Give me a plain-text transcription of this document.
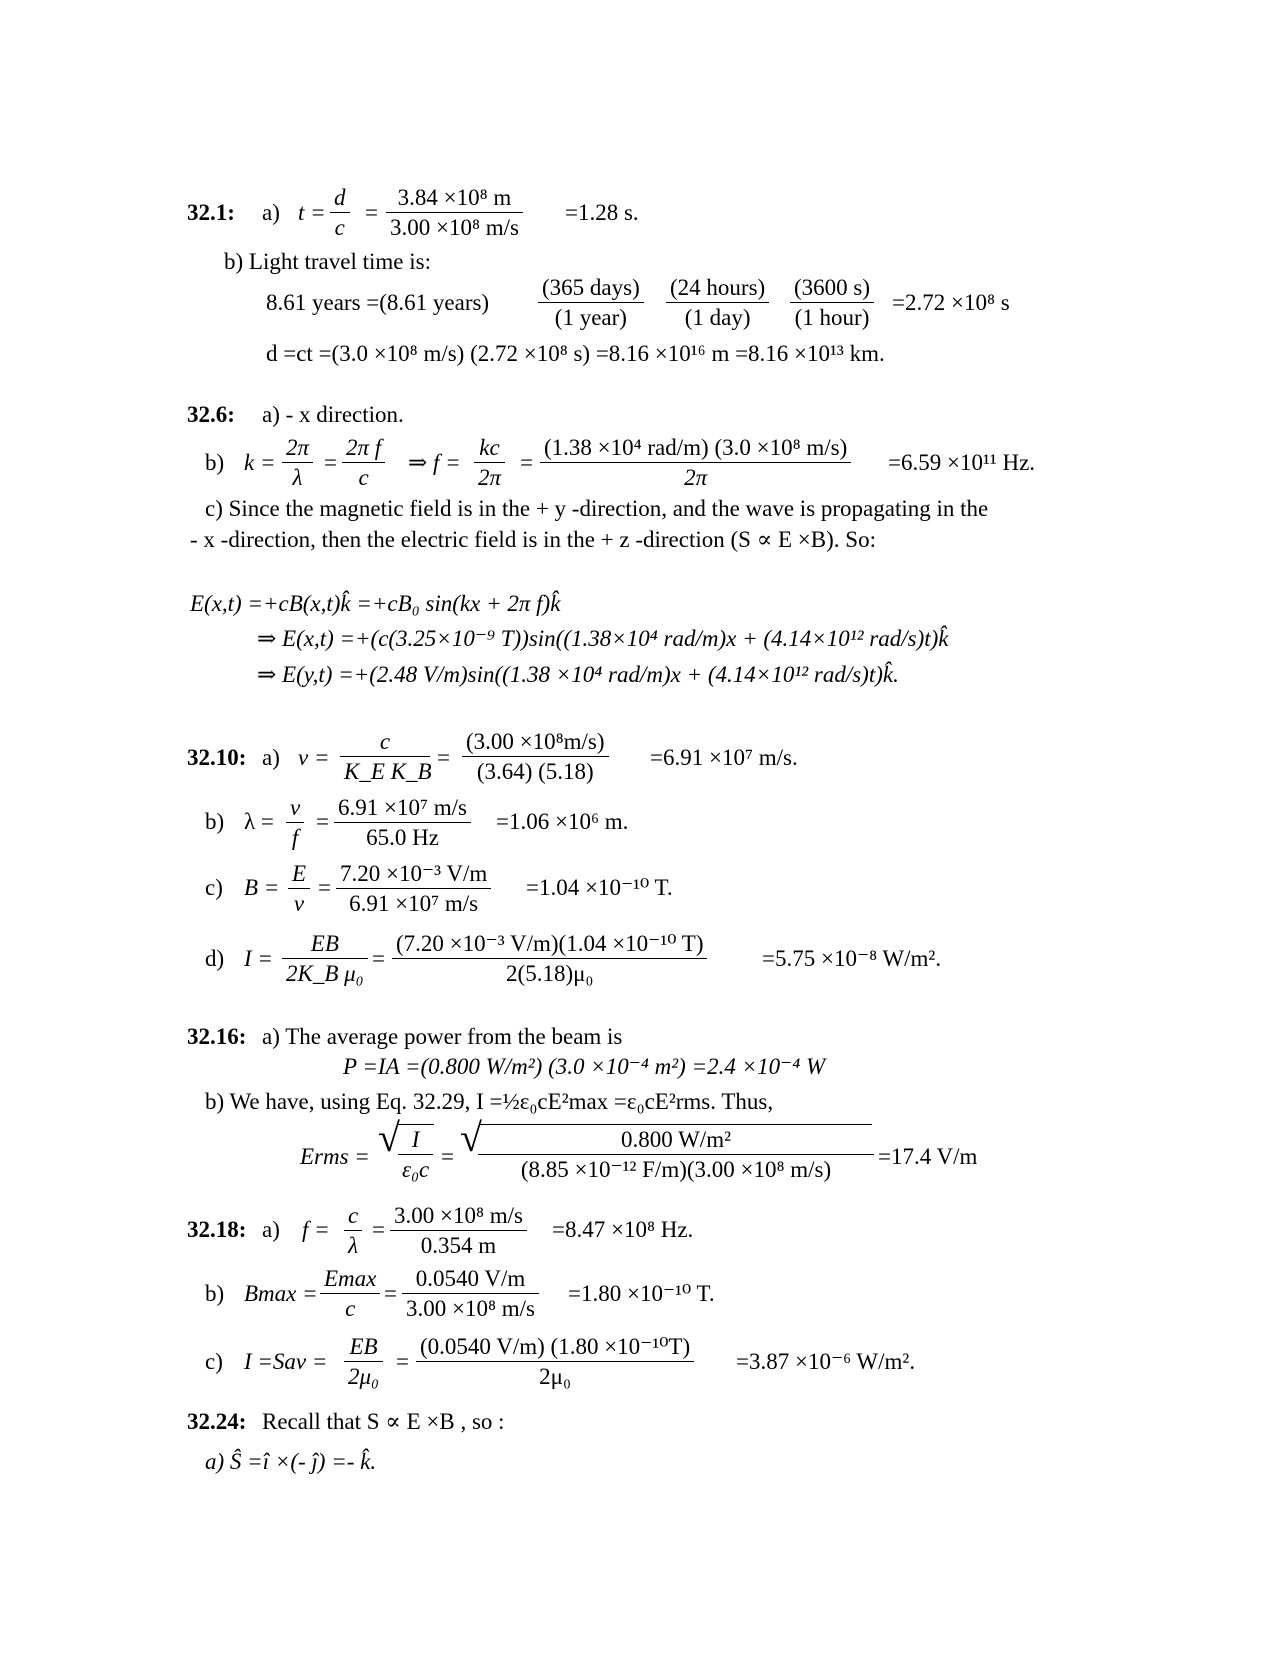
32.1: a) $t = \frac{d}{c} = \frac{\text{3.84 ×10⁸ m}}{\text{3.00 ×10⁸ m/s}} =1.28$ s.
b) Light travel time is:
8.61 years =(8.61 years)
(365 days)
(1 year)
(24 hours)
(1 day)
(3600 s)
(1 hour)
=2.72 ×10⁸ s
d =ct =(3.0 ×10⁸ m/s) (2.72 ×10⁸ s) =8.16 ×10¹⁶ m =8.16 ×10¹³ km.
32.6: a) - x direction.
b) $k = \frac{2\pi}{\lambda} = \frac{\text{2π f}}{c}$ ⇒ $f = \frac{kc}{2\pi}$ =
(1.38 ×10⁴ rad/m) (3.0 ×10⁸ m/s)
2π
=6.59 ×10¹¹ Hz.
c) Since the magnetic field is in the + y -direction, and the wave is propagating in the
- x -direction, then the electric field is in the + z -direction (S ∝ E ×B). So:
E(x,t) =+cB(x,t)k̂ =+cB₀ sin(kx + 2π f)k̂
⇒ E(x,t) =+(c(3.25×10⁻⁹ T))sin((1.38×10⁴ rad/m)x + (4.14×10¹² rad/s)t)k̂
⇒ E(y,t) =+(2.48 V/m)sin((1.38 ×10⁴ rad/m)x + (4.14×10¹² rad/s)t)k̂.
32.10: a) $v = \frac{c}{\text{K\_E K\_B}} = \frac{\text{(3.00 ×10⁸m/s)}}{(3.64) (5.18)} =6.91 \times 10^7$ m/s.
b) $\lambda = \frac{v}{f} = \frac{\text{6.91 ×10⁷ m/s}}{65.0 Hz} =1.06 \times 10^6$ m.
c) $B = \frac{E}{v} = \frac{\text{7.20 ×10⁻³ V/m}}{\text{6.91 ×10⁷ m/s}} =1.04 \times 10^{-10}$ T.
d) $I = \frac{EB}{\text{2K\_B μ₀}} = \frac{\text{(7.20 ×10⁻³ V/m)(1.04 ×10⁻¹⁰ T)}}{\text{2(5.18)μ₀}} =5.75 \times 10^{-8}$ W/m².
32.16: a) The average power from the beam is
P =IA =(0.800 W/m²) (3.0 ×10⁻⁴ m²) =2.4 ×10⁻⁴ W
b) We have, using Eq. 32.29, I =½ε₀cE²max =ε₀cE²rms. Thus,
Erms = √
$\frac{I}{\text{ε₀c}}$ = √
$\frac{\text{0.800 W/m²}}{\text{(8.85 ×10⁻¹² F/m)(3.00 ×10⁸ m/s)}} =17.4$ V/m
32.18: a) $f = \frac{c}{\lambda} = \frac{\text{3.00 ×10⁸ m/s}}{0.354 m} =8.47 \times 10^8$ Hz.
b) Bmax =
Emax
c
= $\frac{0.0540 V/m}{\text{3.00 ×10⁸ m/s}} =1.80 \times 10^{-10}$ T.
c) $I =Sav = \frac{EB}{\text{2μ₀}} = \frac{\text{(0.0540 V/m) (1.80 ×10⁻¹⁰T)}}{\text{2μ₀}} =3.87 \times 10^{-6}$ W/m².
32.24: Recall that S ∝ E ×B , so :
a) Ŝ =î ×(- ĵ) =- k̂.
